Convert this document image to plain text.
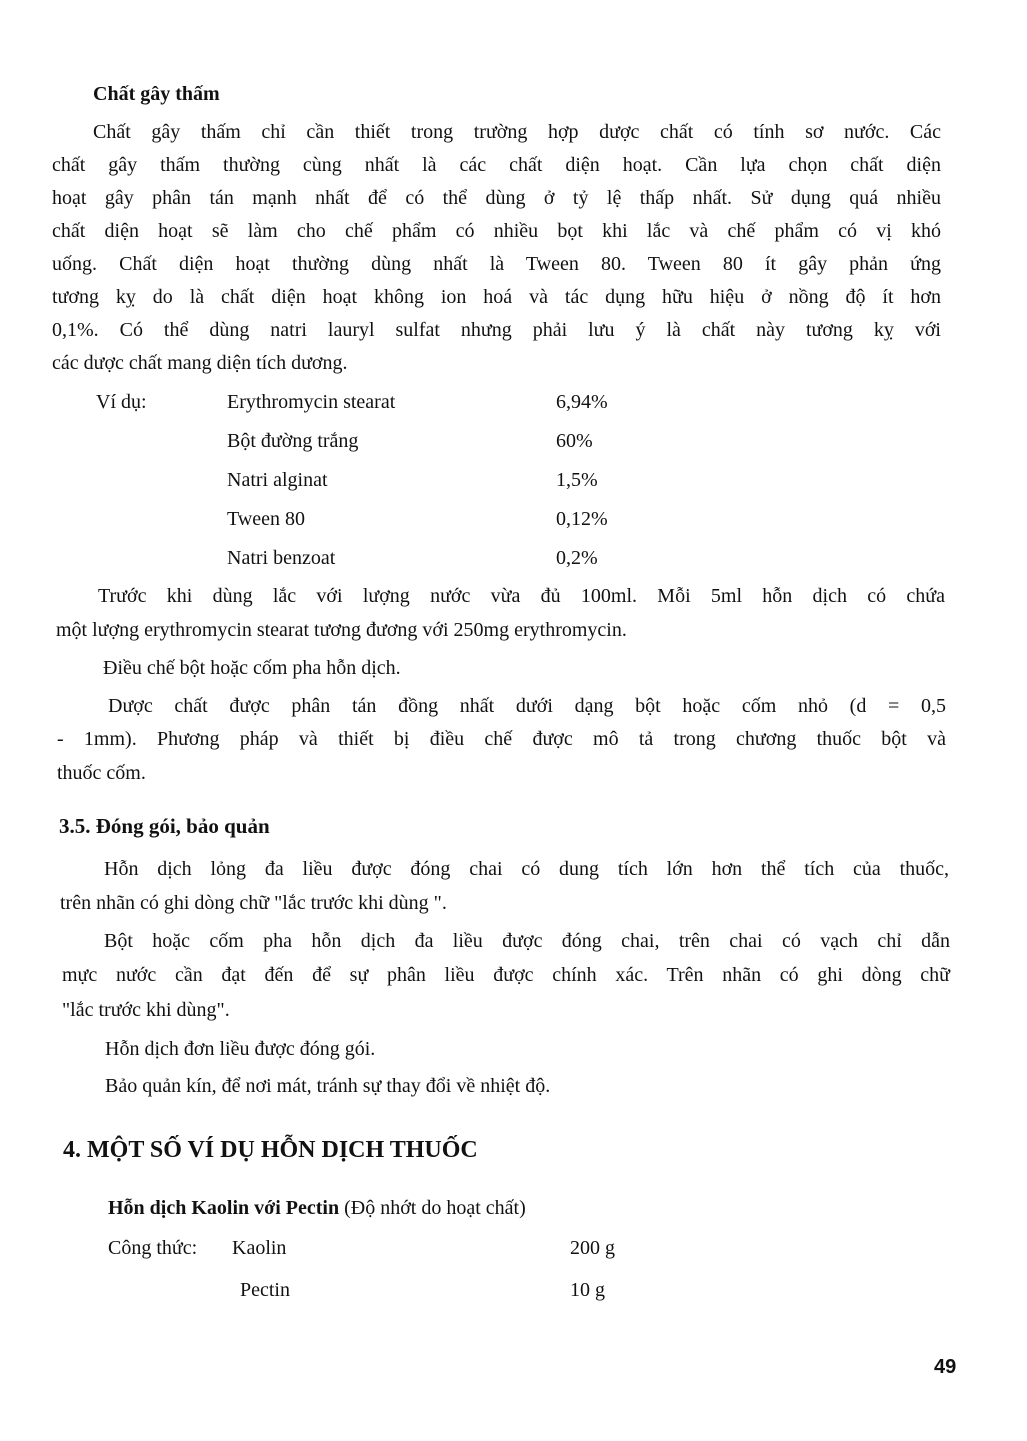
Chất gây thấm
Chất gây thấm chỉ cần thiết trong trường hợp dược chất có tính sơ nước. Các
chất gây thấm thường cùng nhất là các chất diện hoạt. Cần lựa chọn chất diện
hoạt gây phân tán mạnh nhất để có thể dùng ở tỷ lệ thấp nhất. Sử dụng quá nhiều
chất diện hoạt sẽ làm cho chế phẩm có nhiều bọt khi lắc và chế phẩm có vị khó
uống. Chất diện hoạt thường dùng nhất là Tween 80. Tween 80 ít gây phản ứng
tương kỵ do là chất diện hoạt không ion hoá và tác dụng hữu hiệu ở nồng độ ít hơn
0,1%. Có thể dùng natri lauryl sulfat nhưng phải lưu ý là chất này tương kỵ với
các dược chất mang diện tích dương.
Ví dụ:	Erythromycin stearat	6,94%
Bột đường trắng	60%
Natri alginat	1,5%
Tween 80	0,12%
Natri benzoat	0,2%
Trước khi dùng lắc với lượng nước vừa đủ 100ml. Mỗi 5ml hỗn dịch có chứa
một lượng erythromycin stearat tương đương với 250mg erythromycin.
Điều chế bột hoặc cốm pha hỗn dịch.
Dược chất được phân tán đồng nhất dưới dạng bột hoặc cốm nhỏ (d = 0,5
- 1mm). Phương pháp và thiết bị điều chế được mô tả trong chương thuốc bột và
thuốc cốm.
3.5. Đóng gói, bảo quản
Hỗn dịch lỏng đa liều được đóng chai có dung tích lớn hơn thể tích của thuốc,
trên nhãn có ghi dòng chữ "lắc trước khi dùng ".
Bột hoặc cốm pha hỗn dịch đa liều được đóng chai, trên chai có vạch chỉ dẫn
mực nước cần đạt đến để sự phân liều được chính xác. Trên nhãn có ghi dòng chữ
"lắc trước khi dùng".
Hỗn dịch đơn liều được đóng gói.
Bảo quản kín, để nơi mát, tránh sự thay đổi về nhiệt độ.
4. MỘT SỐ VÍ DỤ HỖN DỊCH THUỐC
Hỗn dịch Kaolin với Pectin (Độ nhớt do hoạt chất)
Công thức: Kaolin	200 g
Pectin	10 g
49
